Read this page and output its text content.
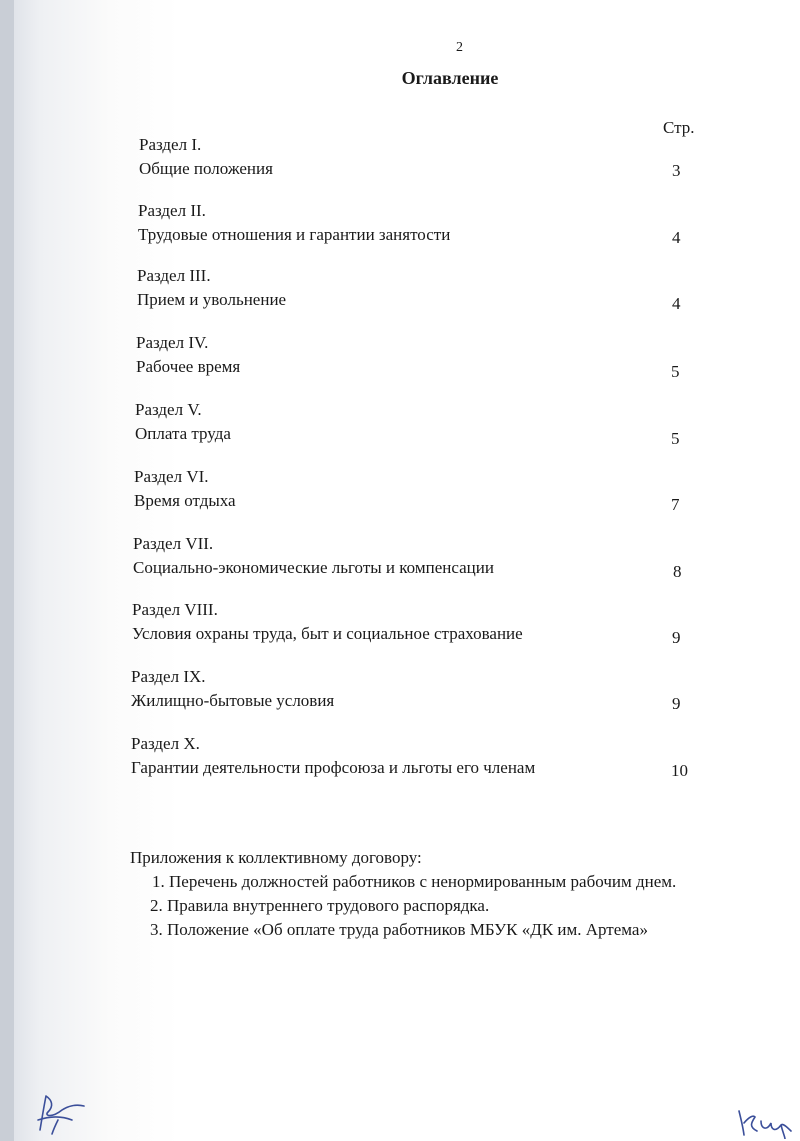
2
Оглавление
Стр.
Раздел I.
Общие положения	3
Раздел II.
Трудовые отношения и гарантии занятости	4
Раздел III.
Прием и увольнение	4
Раздел IV.
Рабочее время	5
Раздел V.
Оплата труда	5
Раздел VI.
Время отдыха	7
Раздел VII.
Социально-экономические льготы и компенсации	8
Раздел VIII.
Условия охраны труда, быт и социальное страхование	9
Раздел IX.
Жилищно-бытовые условия	9
Раздел X.
Гарантии деятельности профсоюза и льготы его членам	10
Приложения к коллективному договору:
1. Перечень должностей работников с ненормированным рабочим днем.
2. Правила внутреннего трудового распорядка.
3. Положение «Об оплате труда работников МБУК «ДК им. Артема»
